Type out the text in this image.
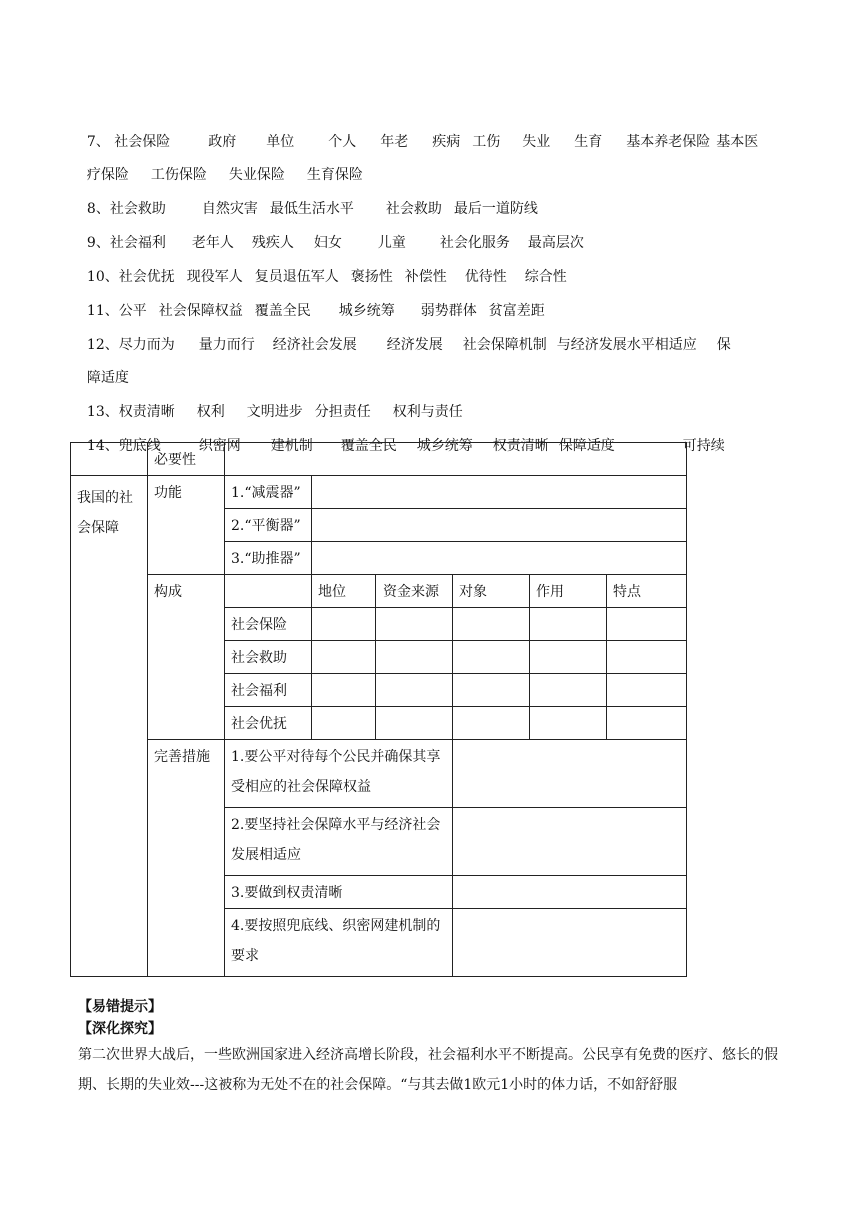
7、 社会保险	政府 单位 个人 年老 疾病 工伤 失业 生育 基本养老保险 基本医

疗保险 工伤保险 失业保险 生育保险

8、社会救助	自然灾害 最低生活水平 社会救助 最后一道防线

9、社会福利 老年人 残疾人 妇女	儿童 社会化服务 最高层次

10、社会优抚 现役军人 复员退伍军人 褒扬性 补偿性 优待性 综合性

11、公平 社会保障权益 覆盖全民 城乡统筹 弱势群体 贫富差距

12、尽力而为 量力而行 经济社会发展 经济发展 社会保障机制 与经济发展水平相适应 保

障适度

13、权责清晰 权利 文明进步 分担责任 权利与责任

14、兜底线	织密网 建机制 覆盖全民 城乡统筹 权责清晰 保障适度	可持续

	必要性						
我国的社会保障	功能	1.“减震器”					
		2.“平衡器”					
		3.“助推器”					
	构成		地位	资金来源	对象	作用	特点
		社会保险					
		社会救助					
		社会福利					
		社会优抚					
	完善措施	1.要公平对待每个公民并确保其享受相应的社会保障权益					
		2.要坚持社会保障水平与经济社会发展相适应					
		3.要做到权责清晰					
		4.要按照兜底线、织密网建机制的要求					
【易错提示】
【深化探究】
第二次世界大战后，一些欧洲国家进入经济高增长阶段，社会福利水平不断提高。公民享有免费的医疗、悠长的假期、长期的失业效---这被称为无处不在的社会保障。“与其去做1欧元1小时的体力话，不如舒舒服
